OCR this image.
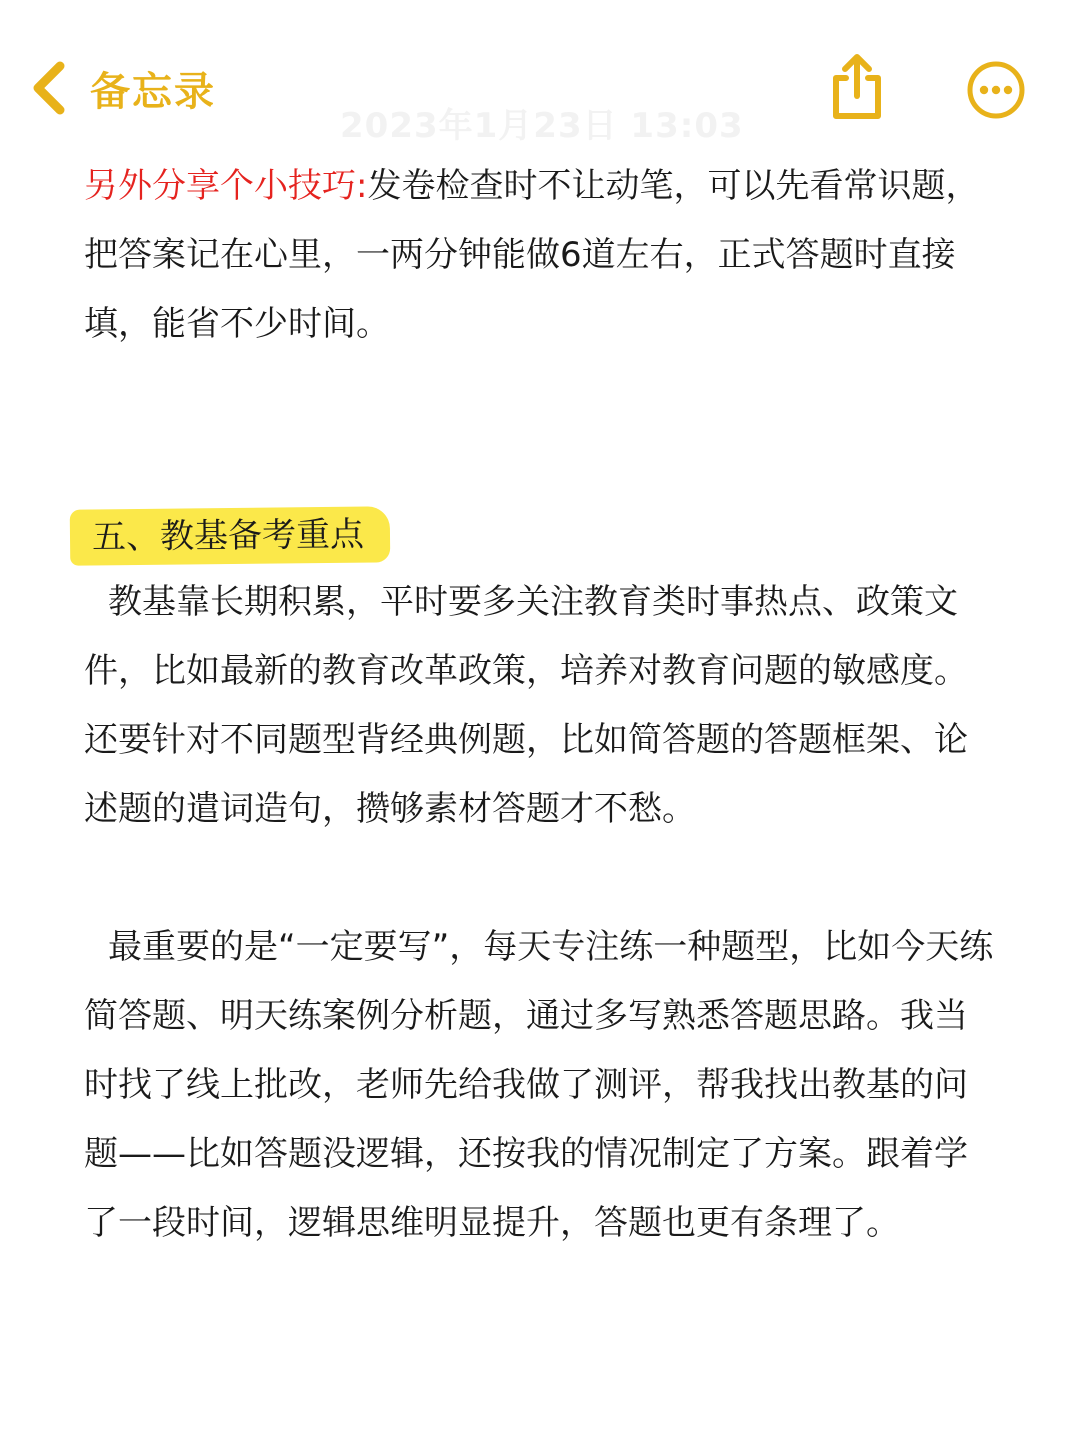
备忘录
2023年1月23日 13:03

另外分享个小技巧:发卷检查时不让动笔，可以先看常识题，把答案记在心里，一两分钟能做6道左右，正式答题时直接填，能省不少时间。

五、教基备考重点

教基靠长期积累，平时要多关注教育类时事热点、政策文件，比如最新的教育改革政策，培养对教育问题的敏感度。还要针对不同题型背经典例题，比如简答题的答题框架、论述题的遣词造句，攒够素材答题才不愁。

最重要的是“一定要写”，每天专注练一种题型，比如今天练简答题、明天练案例分析题，通过多写熟悉答题思路。我当时找了线上批改，老师先给我做了测评，帮我找出教基的问题——比如答题没逻辑，还按我的情况制定了方案。跟着学了一段时间，逻辑思维明显提升，答题也更有条理了。
